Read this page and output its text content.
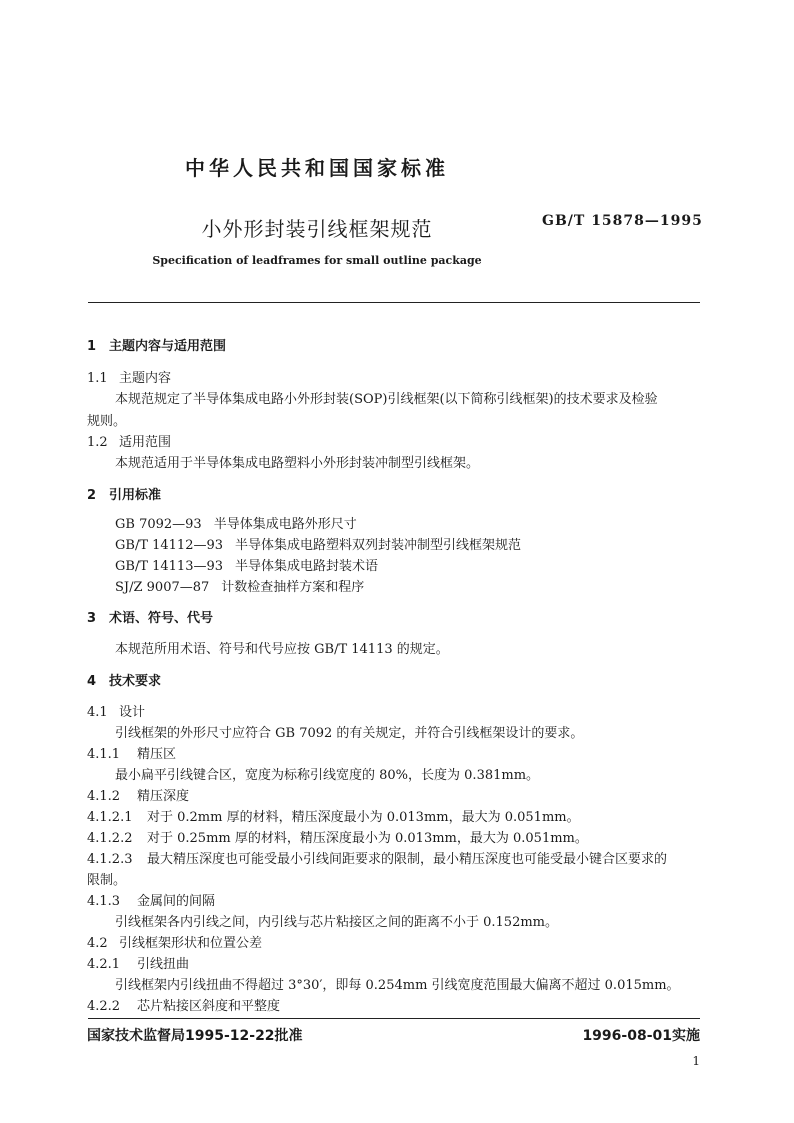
中华人民共和国国家标准
小外形封装引线框架规范	GB/T 15878—1995
Specification of leadframes for small outline package
1 主题内容与适用范围
1.1 主题内容
本规范规定了半导体集成电路小外形封装(SOP)引线框架(以下简称引线框架)的技术要求及检验
规则。
1.2 适用范围
本规范适用于半导体集成电路塑料小外形封装冲制型引线框架。
2 引用标准
GB 7092—93 半导体集成电路外形尺寸
GB/T 14112—93 半导体集成电路塑料双列封装冲制型引线框架规范
GB/T 14113—93 半导体集成电路封装术语
SJ/Z 9007—87 计数检查抽样方案和程序
3 术语、符号、代号
本规范所用术语、符号和代号应按 GB/T 14113 的规定。
4 技术要求
4.1 设计
引线框架的外形尺寸应符合 GB 7092 的有关规定，并符合引线框架设计的要求。
4.1.1 精压区
最小扁平引线键合区，宽度为标称引线宽度的 80%，长度为 0.381mm。
4.1.2 精压深度
4.1.2.1 对于 0.2mm 厚的材料，精压深度最小为 0.013mm，最大为 0.051mm。
4.1.2.2 对于 0.25mm 厚的材料，精压深度最小为 0.013mm，最大为 0.051mm。
4.1.2.3 最大精压深度也可能受最小引线间距要求的限制，最小精压深度也可能受最小键合区要求的
限制。
4.1.3 金属间的间隔
引线框架各内引线之间，内引线与芯片粘接区之间的距离不小于 0.152mm。
4.2 引线框架形状和位置公差
4.2.1 引线扭曲
引线框架内引线扭曲不得超过 3°30′，即每 0.254mm 引线宽度范围最大偏离不超过 0.015mm。
4.2.2 芯片粘接区斜度和平整度
国家技术监督局1995-12-22批准	1996-08-01实施
1
